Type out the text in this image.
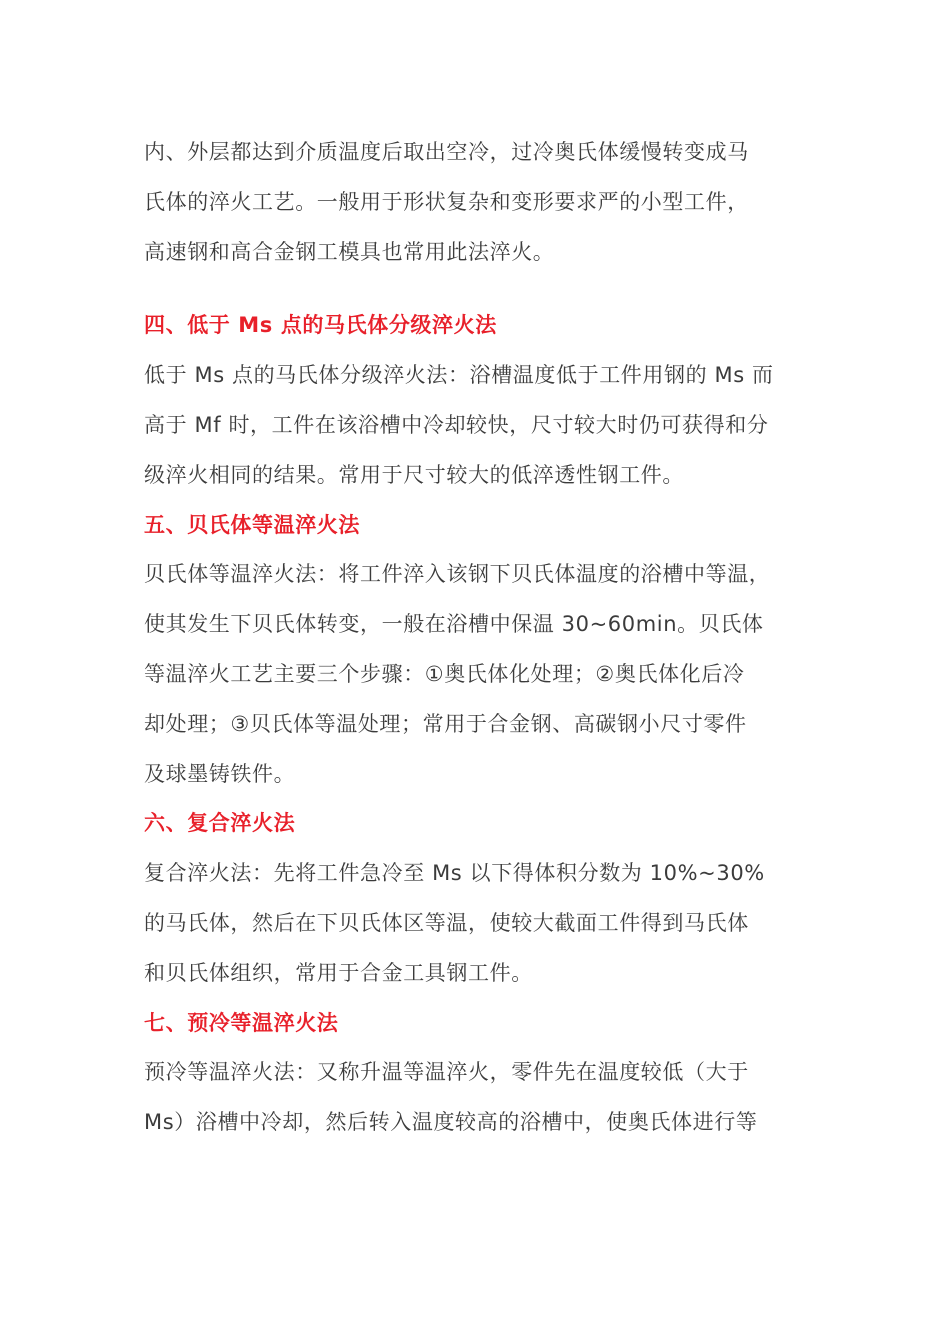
内、外层都达到介质温度后取出空冷，过冷奥氏体缓慢转变成马

氏体的淬火工艺。一般用于形状复杂和变形要求严的小型工件，

高速钢和高合金钢工模具也常用此法淬火。

四、低于 Ms 点的马氏体分级淬火法

低于 Ms 点的马氏体分级淬火法：浴槽温度低于工件用钢的 Ms 而

高于 Mf 时，工件在该浴槽中冷却较快，尺寸较大时仍可获得和分

级淬火相同的结果。常用于尺寸较大的低淬透性钢工件。

五、贝氏体等温淬火法

贝氏体等温淬火法：将工件淬入该钢下贝氏体温度的浴槽中等温，

使其发生下贝氏体转变，一般在浴槽中保温 30~60min。贝氏体

等温淬火工艺主要三个步骤：①奥氏体化处理；②奥氏体化后冷

却处理；③贝氏体等温处理；常用于合金钢、高碳钢小尺寸零件

及球墨铸铁件。

六、复合淬火法

复合淬火法：先将工件急冷至 Ms 以下得体积分数为 10%~30%

的马氏体，然后在下贝氏体区等温，使较大截面工件得到马氏体

和贝氏体组织，常用于合金工具钢工件。

七、预冷等温淬火法

预冷等温淬火法：又称升温等温淬火，零件先在温度较低（大于

Ms）浴槽中冷却，然后转入温度较高的浴槽中，使奥氏体进行等
